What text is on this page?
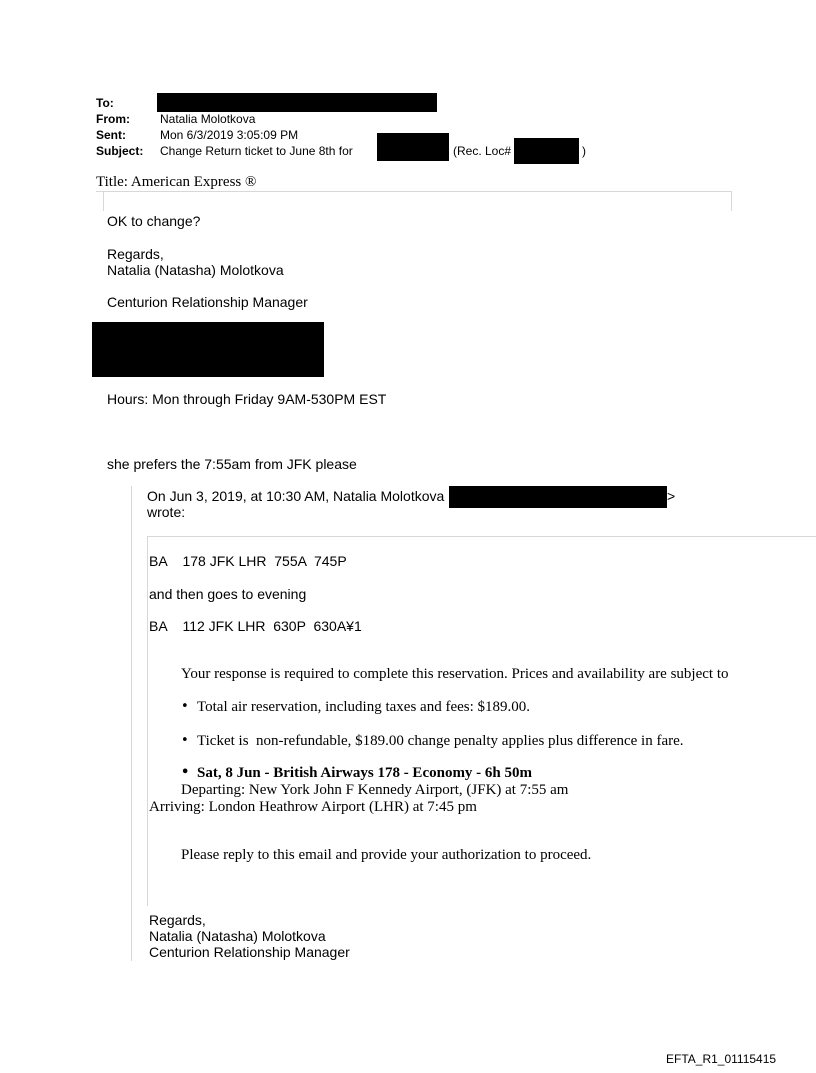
To:
From:	Natalia Molotkova
Sent:	Mon 6/3/2019 3:05:09 PM
Subject: Change Return ticket to June 8th for	(Rec. Loc#	)
Title: American Express ®
OK to change?
Regards,
Natalia (Natasha) Molotkova
Centurion Relationship Manager
Hours: Mon through Friday 9AM-530PM EST
she prefers the 7:55am from JFK please
On Jun 3, 2019, at 10:30 AM, Natalia Molotkova	>
wrote:
BA    178 JFK LHR  755A  745P
and then goes to evening
BA    112 JFK LHR  630P  630A¥1
Your response is required to complete this reservation. Prices and availability are subject to
• Total air reservation, including taxes and fees: $189.00.
• Ticket is  non-refundable, $189.00 change penalty applies plus difference in fare.
• Sat, 8 Jun - British Airways 178 - Economy - 6h 50m
Departing: New York John F Kennedy Airport, (JFK) at 7:55 am
Arriving: London Heathrow Airport (LHR) at 7:45 pm
Please reply to this email and provide your authorization to proceed.
Regards,
Natalia (Natasha) Molotkova
Centurion Relationship Manager
EFTA_R1_01115415
